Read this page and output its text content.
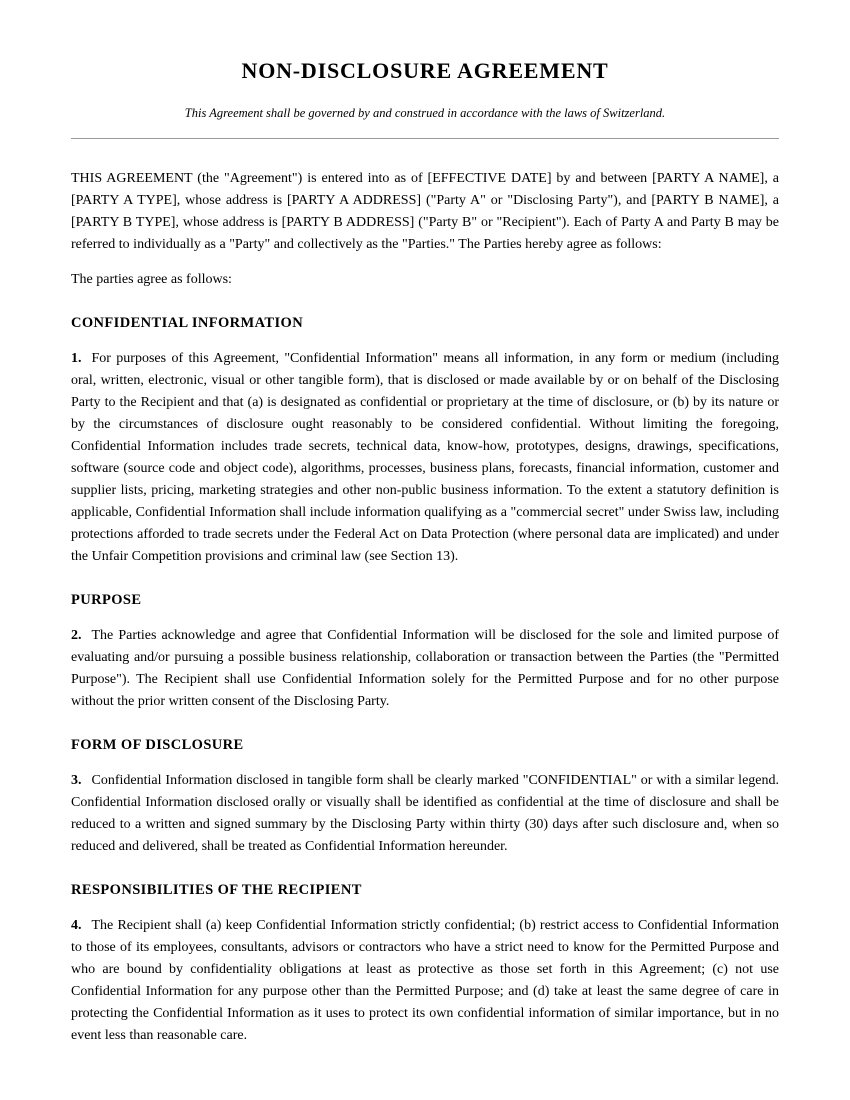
NON-DISCLOSURE AGREEMENT

This Agreement shall be governed by and construed in accordance with the laws of Switzerland.

THIS AGREEMENT (the "Agreement") is entered into as of [EFFECTIVE DATE] by and between [PARTY A NAME], a [PARTY A TYPE], whose address is [PARTY A ADDRESS] ("Party A" or "Disclosing Party"), and [PARTY B NAME], a [PARTY B TYPE], whose address is [PARTY B ADDRESS] ("Party B" or "Recipient"). Each of Party A and Party B may be referred to individually as a "Party" and collectively as the "Parties." The Parties hereby agree as follows:

The parties agree as follows:

CONFIDENTIAL INFORMATION

1. For purposes of this Agreement, "Confidential Information" means all information, in any form or medium (including oral, written, electronic, visual or other tangible form), that is disclosed or made available by or on behalf of the Disclosing Party to the Recipient and that (a) is designated as confidential or proprietary at the time of disclosure, or (b) by its nature or by the circumstances of disclosure ought reasonably to be considered confidential. Without limiting the foregoing, Confidential Information includes trade secrets, technical data, know-how, prototypes, designs, drawings, specifications, software (source code and object code), algorithms, processes, business plans, forecasts, financial information, customer and supplier lists, pricing, marketing strategies and other non-public business information. To the extent a statutory definition is applicable, Confidential Information shall include information qualifying as a "commercial secret" under Swiss law, including protections afforded to trade secrets under the Federal Act on Data Protection (where personal data are implicated) and under the Unfair Competition provisions and criminal law (see Section 13).

PURPOSE

2. The Parties acknowledge and agree that Confidential Information will be disclosed for the sole and limited purpose of evaluating and/or pursuing a possible business relationship, collaboration or transaction between the Parties (the "Permitted Purpose"). The Recipient shall use Confidential Information solely for the Permitted Purpose and for no other purpose without the prior written consent of the Disclosing Party.

FORM OF DISCLOSURE

3. Confidential Information disclosed in tangible form shall be clearly marked "CONFIDENTIAL" or with a similar legend. Confidential Information disclosed orally or visually shall be identified as confidential at the time of disclosure and shall be reduced to a written and signed summary by the Disclosing Party within thirty (30) days after such disclosure and, when so reduced and delivered, shall be treated as Confidential Information hereunder.

RESPONSIBILITIES OF THE RECIPIENT

4. The Recipient shall (a) keep Confidential Information strictly confidential; (b) restrict access to Confidential Information to those of its employees, consultants, advisors or contractors who have a strict need to know for the Permitted Purpose and who are bound by confidentiality obligations at least as protective as those set forth in this Agreement; (c) not use Confidential Information for any purpose other than the Permitted Purpose; and (d) take at least the same degree of care in protecting the Confidential Information as it uses to protect its own confidential information of similar importance, but in no event less than reasonable care.
